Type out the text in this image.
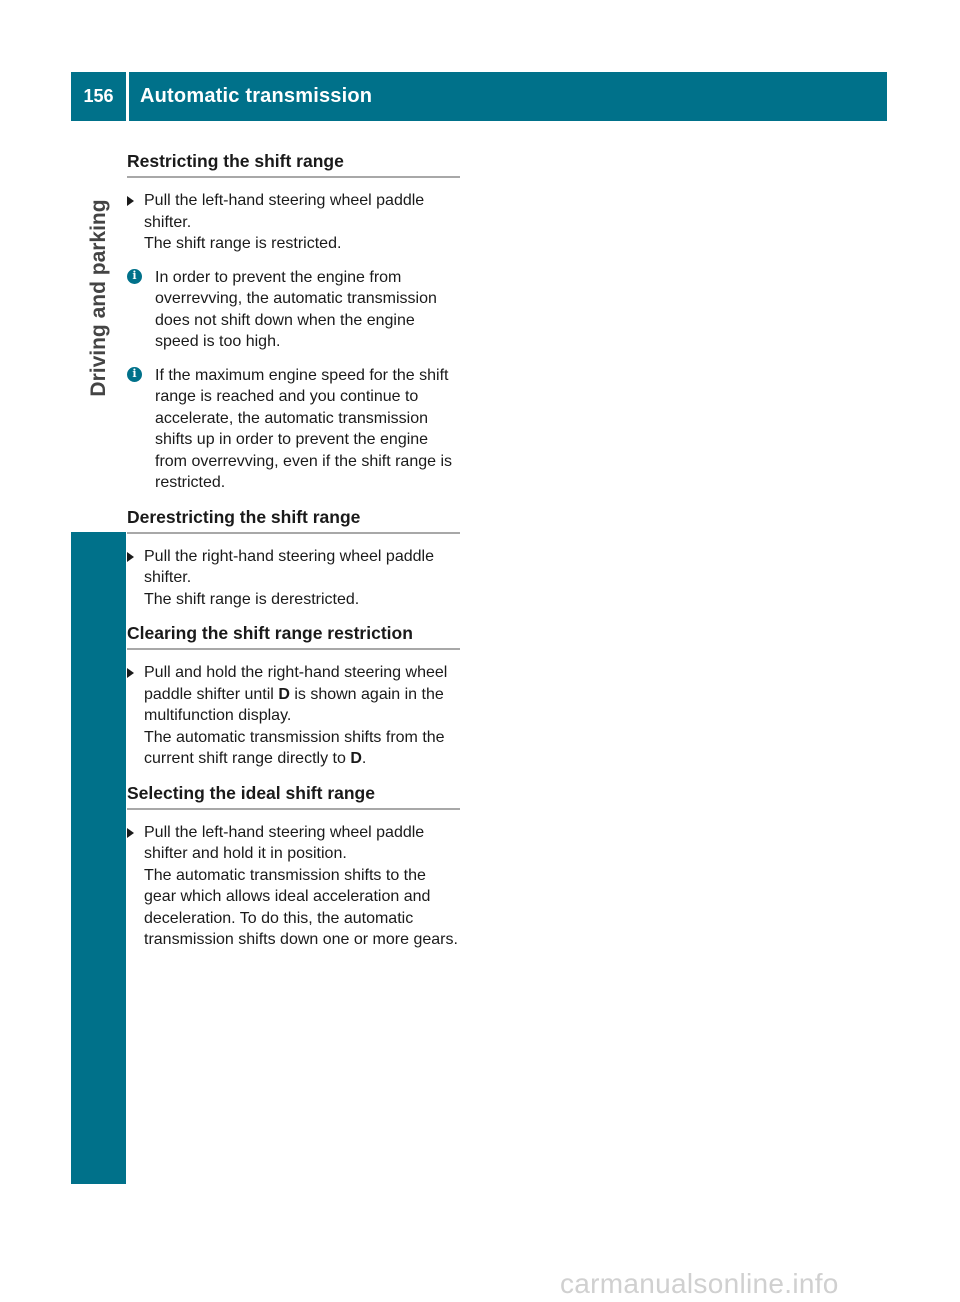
156	Automatic transmission
Driving and parking
Restricting the shift range
Pull the left-hand steering wheel paddle shifter.
The shift range is restricted.
i	In order to prevent the engine from overrevving, the automatic transmission does not shift down when the engine speed is too high.
i	If the maximum engine speed for the shift range is reached and you continue to accelerate, the automatic transmission shifts up in order to prevent the engine from overrevving, even if the shift range is restricted.
Derestricting the shift range
Pull the right-hand steering wheel paddle shifter.
The shift range is derestricted.
Clearing the shift range restriction
Pull and hold the right-hand steering wheel paddle shifter until D is shown again in the multifunction display.
The automatic transmission shifts from the current shift range directly to D.
Selecting the ideal shift range
Pull the left-hand steering wheel paddle shifter and hold it in position.
The automatic transmission shifts to the gear which allows ideal acceleration and deceleration. To do this, the automatic transmission shifts down one or more gears.
carmanualsonline.info
